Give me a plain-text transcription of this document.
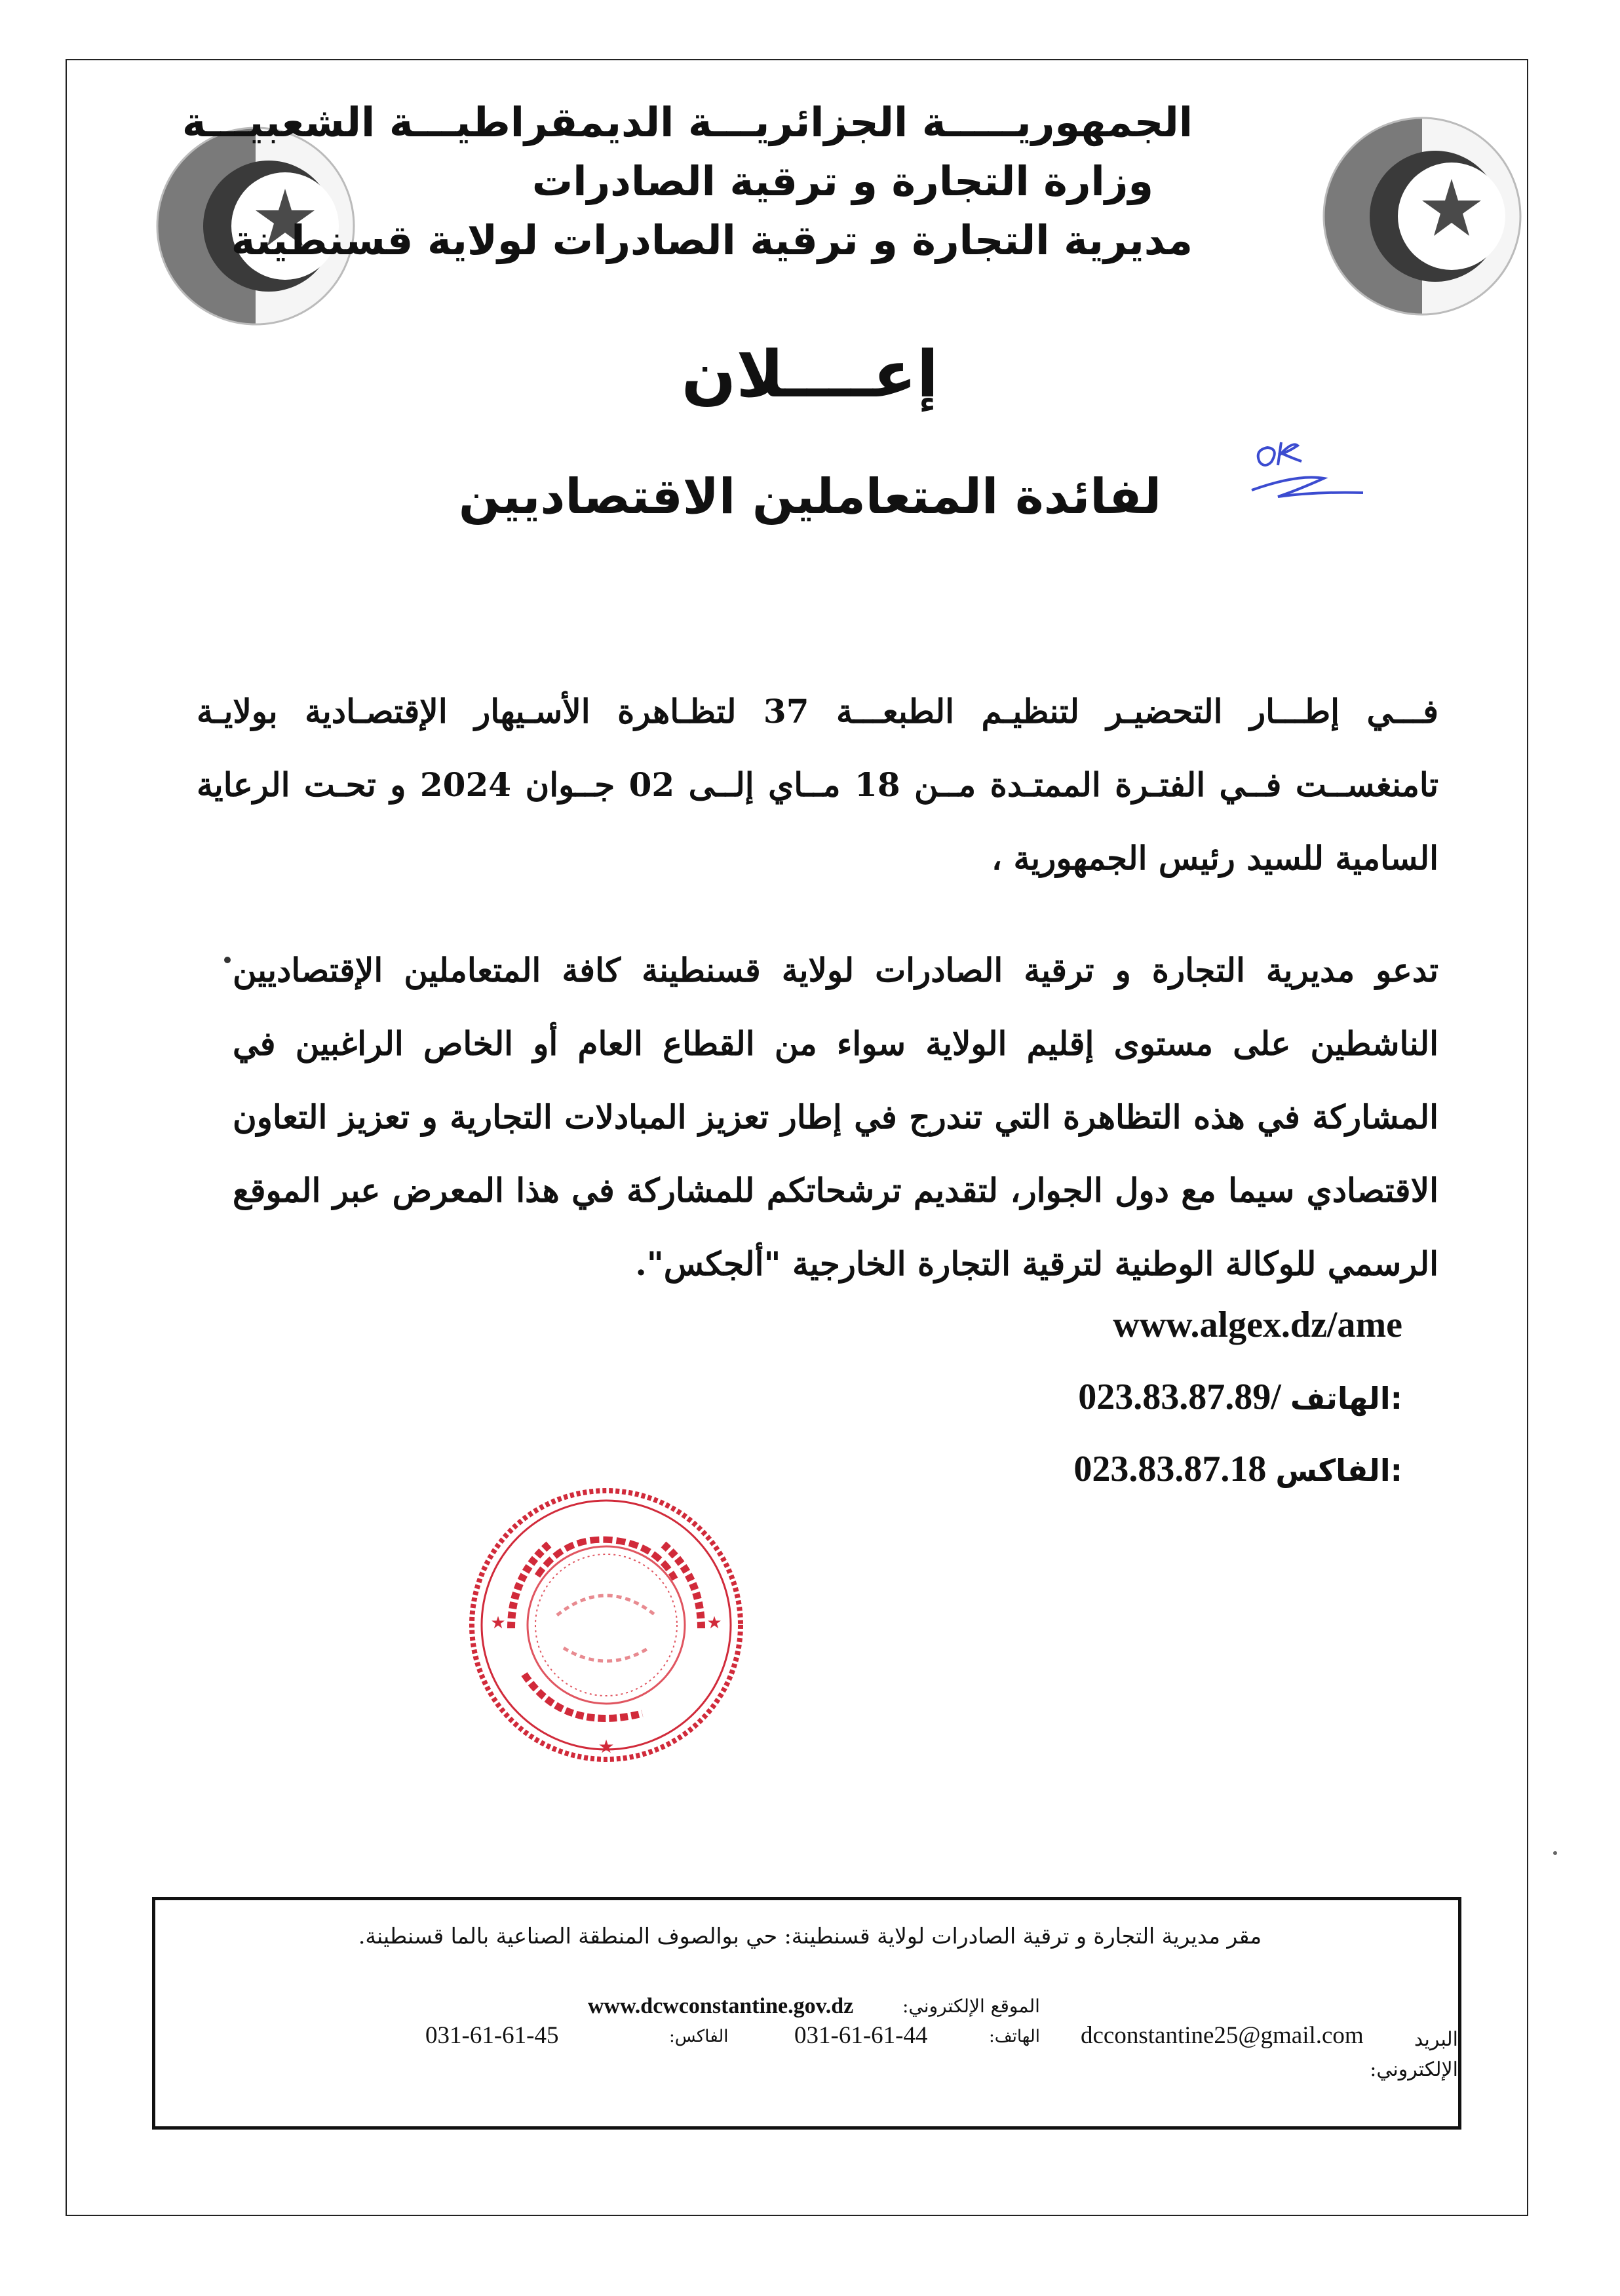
الجمهوريـــــة الجزائريـــة الديمقراطيـــة الشعبيـــة
وزارة التجارة و ترقية الصادرات
مديرية التجارة و ترقية الصادرات لولاية قسنطينة
إعــــلان
لفائدة المتعاملين الاقتصاديين
فـــي إطـــار التحضيـر لتنظيـم الطبعـــة 37 لتظـاهرة الأسـيهار الإقتصـادية بولايـة تامنغســت فــي الفتـرة الممتـدة مــن 18 مــاي إلــى 02 جــوان 2024 و تحـت الرعاية السامية للسيد رئيس الجمهورية ،
تدعو مديرية التجارة و ترقية الصادرات لولاية قسنطينة كافة المتعاملين الإقتصاديين الناشطين على مستوى إقليم الولاية سواء من القطاع العام أو الخاص الراغبين في المشاركة في هذه التظاهرة التي تندرج في إطار تعزيز المبادلات التجارية و تعزيز التعاون الاقتصادي سيما مع دول الجوار، لتقديم ترشحاتكم للمشاركة في هذا المعرض عبر الموقع الرسمي للوكالة الوطنية لترقية التجارة الخارجية "ألجكس".
www.algex.dz/ame
023.83.87.89/ الهاتف:
023.83.87.18 الفاكس:
★
★	★
مقر مديرية التجارة و ترقية الصادرات لولاية قسنطينة: حي بوالصوف المنطقة الصناعية بالما قسنطينة.
الموقع الإلكتروني:
www.dcwconstantine.gov.dz
البريد الإلكتروني:
dcconstantine25@gmail.com
الهاتف:
031-61-61-44
الفاكس:
031-61-61-45
